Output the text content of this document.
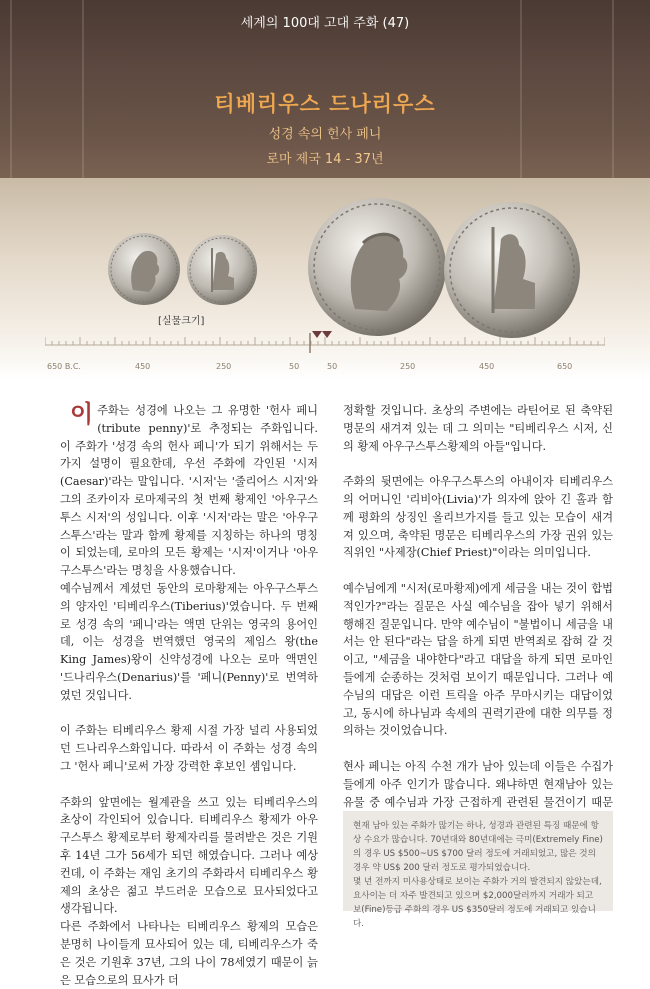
세계의 100대 고대 주화 (47)
티베리우스 드나리우스
성경 속의 헌사 페니
로마 제국 14 - 37년
[실물크기]
650 B.C.	450	250	50	50	250	450	650

이 주화는 성경에 나오는 그 유명한 '헌사 페니(tribute penny)'로 추정되는 주화입니다. 이 주화가 '성경 속의 헌사 페니'가 되기 위해서는 두 가지 설명이 필요한데, 우선 주화에 각인된 '시저(Caesar)'라는 말입니다. '시저'는 '줄리어스 시저'와 그의 조카이자 로마제국의 첫 번째 황제인 '아우구스투스 시저'의 성입니다. 이후 '시저'라는 말은 '아우구스투스'라는 말과 함께 황제를 지칭하는 하나의 명칭이 되었는데, 로마의 모든 황제는 '시저'이거나 '아우구스투스'라는 명칭을 사용했습니다.

예수님께서 계셨던 동안의 로마황제는 아우구스투스의 양자인 '티베리우스(Tiberius)'였습니다. 두 번째로 성경 속의 '페니'라는 액면 단위는 영국의 용어인데, 이는 성경을 번역했던 영국의 제임스 왕(the King James)왕이 신약성경에 나오는 로마 액면인 '드나리우스(Denarius)'를 '페니(Penny)'로 번역하였던 것입니다.

이 주화는 티베리우스 황제 시절 가장 널리 사용되었던 드나리우스화입니다. 따라서 이 주화는 성경 속의 그 '헌사 페니'로써 가장 강력한 후보인 셈입니다.

주화의 앞면에는 월계관을 쓰고 있는 티베리우스의 초상이 각인되어 있습니다. 티베리우스 황제가 아우구스투스 황제로부터 황제자리를 물려받은 것은 기원후 14년 그가 56세가 되던 해였습니다. 그러나 예상컨데, 이 주화는 재임 초기의 주화라서 티베리우스 황제의 초상은 젊고 부드러운 모습으로 묘사되었다고 생각됩니다.

다른 주화에서 나타나는 티베리우스 황제의 모습은 분명히 나이들게 묘사되어 있는 데, 티베리우스가 죽은 것은 기원후 37년, 그의 나이 78세였기 때문이 늙은 모습으로의 묘사가 더

정확할 것입니다. 초상의 주변에는 라틴어로 된 축약된 명문의 새겨져 있는 데 그 의미는 "티베리우스 시저, 신의 황제 아우구스투스황제의 아들"입니다.

주화의 뒷면에는 아우구스투스의 아내이자 티베리우스의 어머니인 '리비아(Livia)'가 의자에 앉아 긴 홀과 함께 평화의 상징인 올리브가지를 들고 있는 모습이 새겨져 있으며, 축약된 명문은 티베리우스의 가장 권위 있는 직위인 "사제장(Chief Priest)"이라는 의미입니다.

예수님에게 "시저(로마황제)에게 세금을 내는 것이 합법적인가?"라는 질문은 사실 예수님을 잡아 넣기 위해서 행해진 질문입니다. 만약 예수님이 "불법이니 세금을 내서는 안 된다"라는 답을 하게 되면 반역죄로 잡혀 갈 것이고, "세금을 내야한다"라고 대답을 하게 되면 로마인들에게 순종하는 것처럼 보이기 때문입니다. 그러나 예수님의 대답은 이런 트릭을 아주 무마시키는 대답이었고, 동시에 하나님과 속세의 권력기관에 대한 의무를 정의하는 것이었습니다.

현사 페니는 아직 수천 개가 남아 있는데 이들은 수집가들에게 아주 인기가 많습니다. 왜냐하면 현재남아 있는 유물 중 예수님과 가장 근접하게 관련된 물건이기 때문

현재 남아 있는 주화가 많기는 하나, 성경과 관련된 특징 때문에 항상 수요가 많습니다. 70년대와 80년대에는 극미(Extremely Fine)의 경우 US $500~US $700 달러 정도에 거래되었고, 많은 것의 경우 약 US$ 200 달러 정도로 평가되었습니다.

몇 년 전까지 미사용상태로 보이는 주화가 거의 발견되지 않았는데, 요사이는 더 자주 발견되고 있으며 $2,000달러까지 거래가 되고 보(Fine)등급 주화의 경우 US $350달러 정도에 거래되고 있습니다.
